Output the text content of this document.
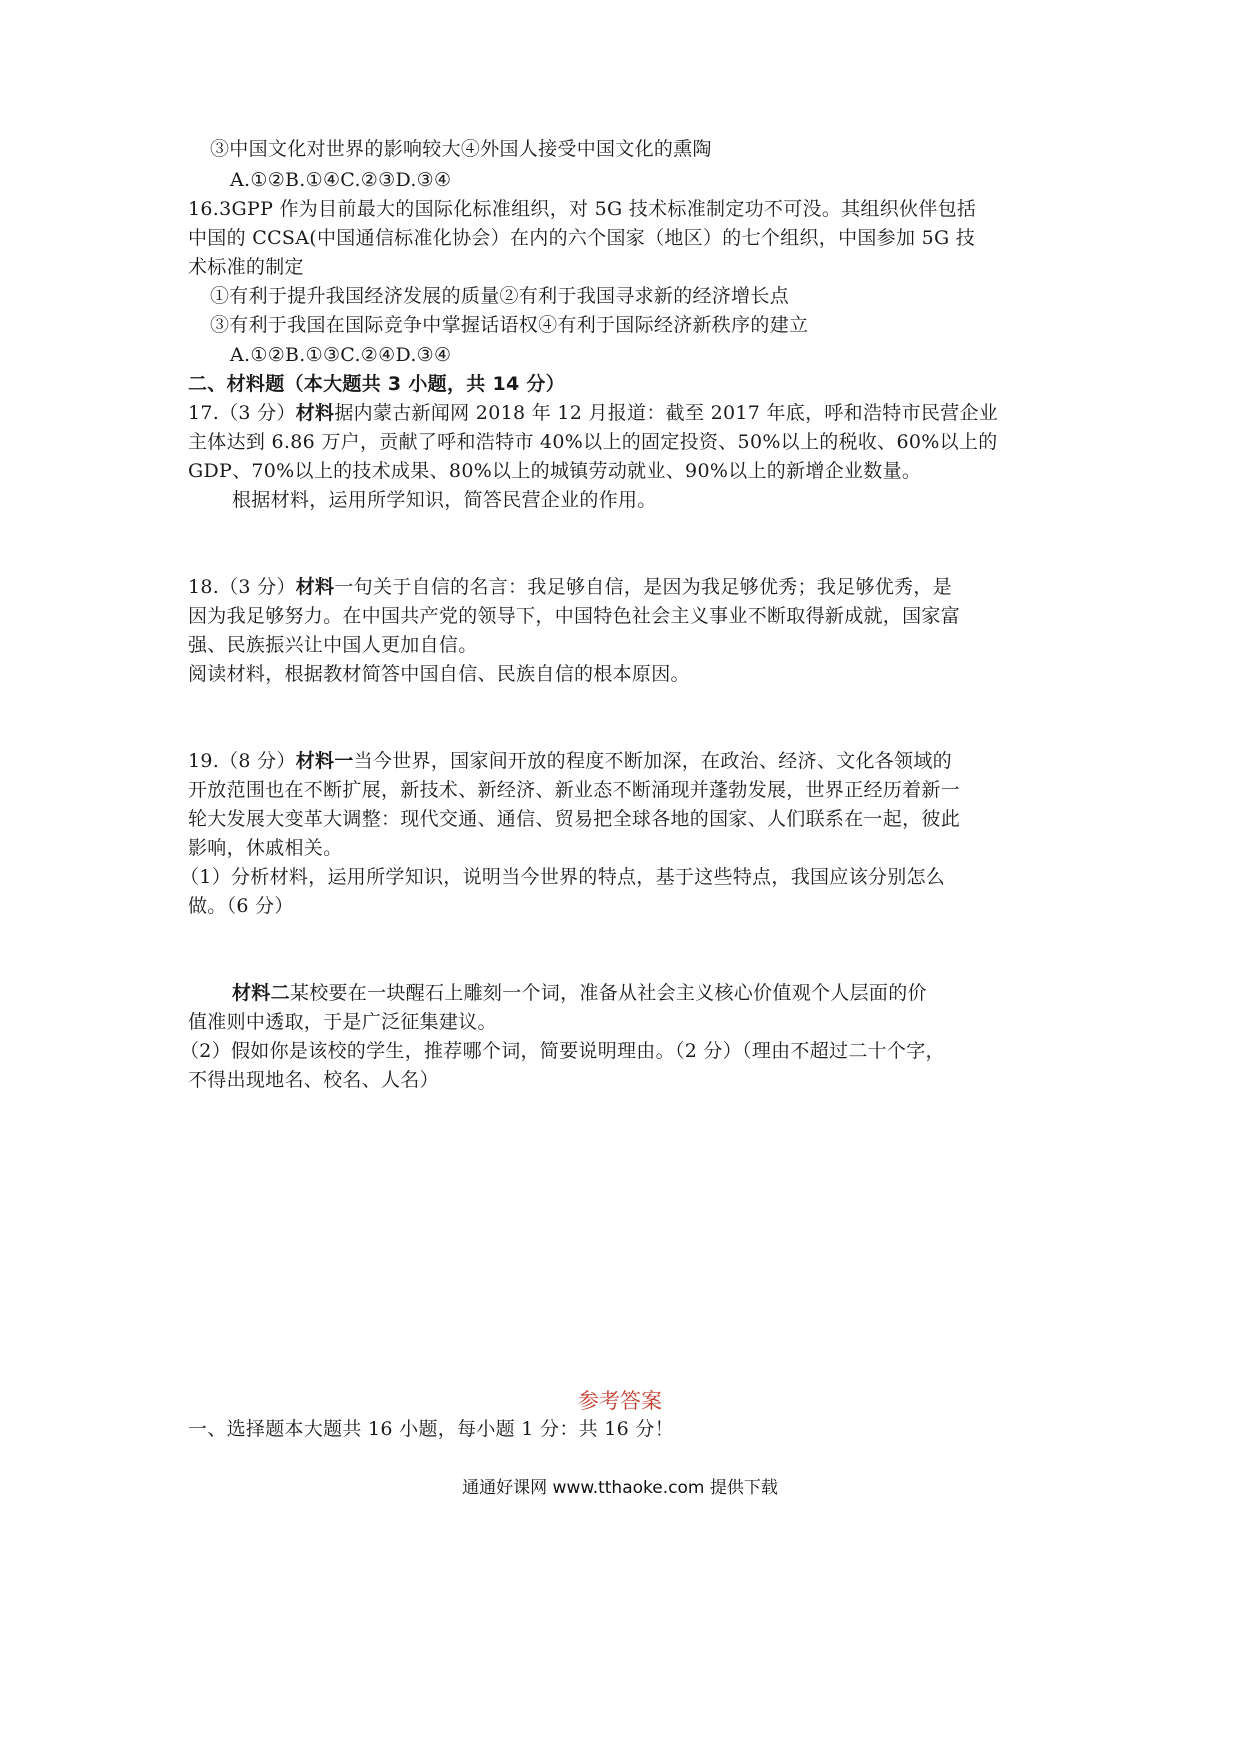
③中国文化对世界的影响较大④外国人接受中国文化的熏陶
A.①②B.①④C.②③D.③④
16.3GPP 作为目前最大的国际化标准组织，对 5G 技术标准制定功不可没。其组织伙伴包括
中国的 CCSA(中国通信标准化协会）在内的六个国家（地区）的七个组织，中国参加 5G 技
术标准的制定
①有利于提升我国经济发展的质量②有利于我国寻求新的经济增长点
③有利于我国在国际竞争中掌握话语权④有利于国际经济新秩序的建立
A.①②B.①③C.②④D.③④
二、材料题（本大题共 3 小题，共 14 分）
17.（3 分）材料据内蒙古新闻网 2018 年 12 月报道：截至 2017 年底，呼和浩特市民营企业
主体达到 6.86 万户，贡献了呼和浩特市 40%以上的固定投资、50%以上的税收、60%以上的
GDP、70%以上的技术成果、80%以上的城镇劳动就业、90%以上的新增企业数量。
根据材料，运用所学知识，简答民营企业的作用。
18.（3 分）材料一句关于自信的名言：我足够自信，是因为我足够优秀；我足够优秀，是
因为我足够努力。在中国共产党的领导下，中国特色社会主义事业不断取得新成就，国家富
强、民族振兴让中国人更加自信。
阅读材料，根据教材简答中国自信、民族自信的根本原因。
19.（8 分）材料一当今世界，国家间开放的程度不断加深，在政治、经济、文化各领域的
开放范围也在不断扩展，新技术、新经济、新业态不断涌现并蓬勃发展，世界正经历着新一
轮大发展大变革大调整：现代交通、通信、贸易把全球各地的国家、人们联系在一起，彼此
影响，休戚相关。
（1）分析材料，运用所学知识，说明当今世界的特点，基于这些特点，我国应该分别怎么
做。（6 分）
材料二某校要在一块醒石上雕刻一个词，准备从社会主义核心价值观个人层面的价
值准则中透取，于是广泛征集建议。
（2）假如你是该校的学生，推荐哪个词，简要说明理由。（2 分）（理由不超过二十个字，
不得出现地名、校名、人名）
参考答案
一、选择题本大题共 16 小题，每小题 1 分：共 16 分！
通通好课网 www.tthaoke.com 提供下载
